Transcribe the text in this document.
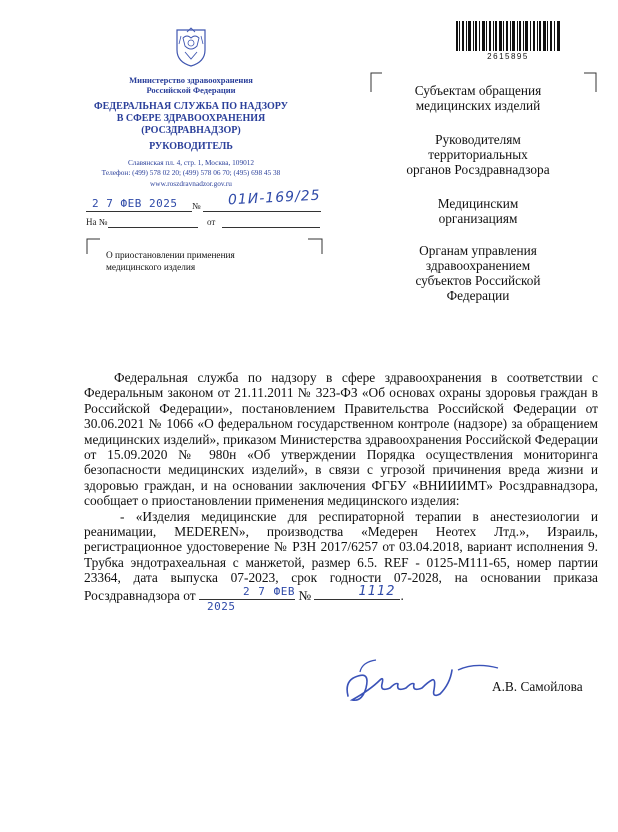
Министерство здравоохранения
Российской Федерации
ФЕДЕРАЛЬНАЯ СЛУЖБА ПО НАДЗОРУ
В СФЕРЕ ЗДРАВООХРАНЕНИЯ
(РОСЗДРАВНАДЗОР)
РУКОВОДИТЕЛЬ
Славянская пл. 4, стр. 1, Москва, 109012
Телефон: (499) 578 02 20; (499) 578 06 70; (495) 698 45 38
www.roszdravnadzor.gov.ru
2 7 ФЕВ 2025 № 01И-169/25
На №	от
О приостановлении применения
медицинского изделия
2615895
Субъектам обращения
медицинских изделий
Руководителям
территориальных
органов Росздравнадзора
Медицинским
организациям
Органам управления
здравоохранением
субъектов Российской
Федерации

Федеральная служба по надзору в сфере здравоохранения в соответствии с Федеральным законом от 21.11.2011 № 323-ФЗ «Об основах охраны здоровья граждан в Российской Федерации», постановлением Правительства Российской Федерации от 30.06.2021 № 1066 «О федеральном государственном контроле (надзоре) за обращением медицинских изделий», приказом Министерства здравоохранения Российской Федерации от 15.09.2020 № 980н «Об утверждении Порядка осуществления мониторинга безопасности медицинских изделий», в связи с угрозой причинения вреда жизни и здоровью граждан, и на основании заключения ФГБУ «ВНИИИМТ» Росздравнадзора, сообщает о приостановлении применения медицинского изделия:

- «Изделия медицинские для респираторной терапии в анестезиологии и реанимации, MEDEREN», производства «Медерен Неотех Лтд.», Израиль, регистрационное удостоверение № РЗН 2017/6257 от 03.04.2018, вариант исполнения 9. Трубка эндотрахеальная с манжетой, размер 6.5. REF - 0125-M111-65, номер партии 23364, дата выпуска 07-2023, срок годности 07-2028, на основании приказа Росздравнадзора от	2 7 ФЕВ 2025
№	1112 .

А.В. Самойлова
